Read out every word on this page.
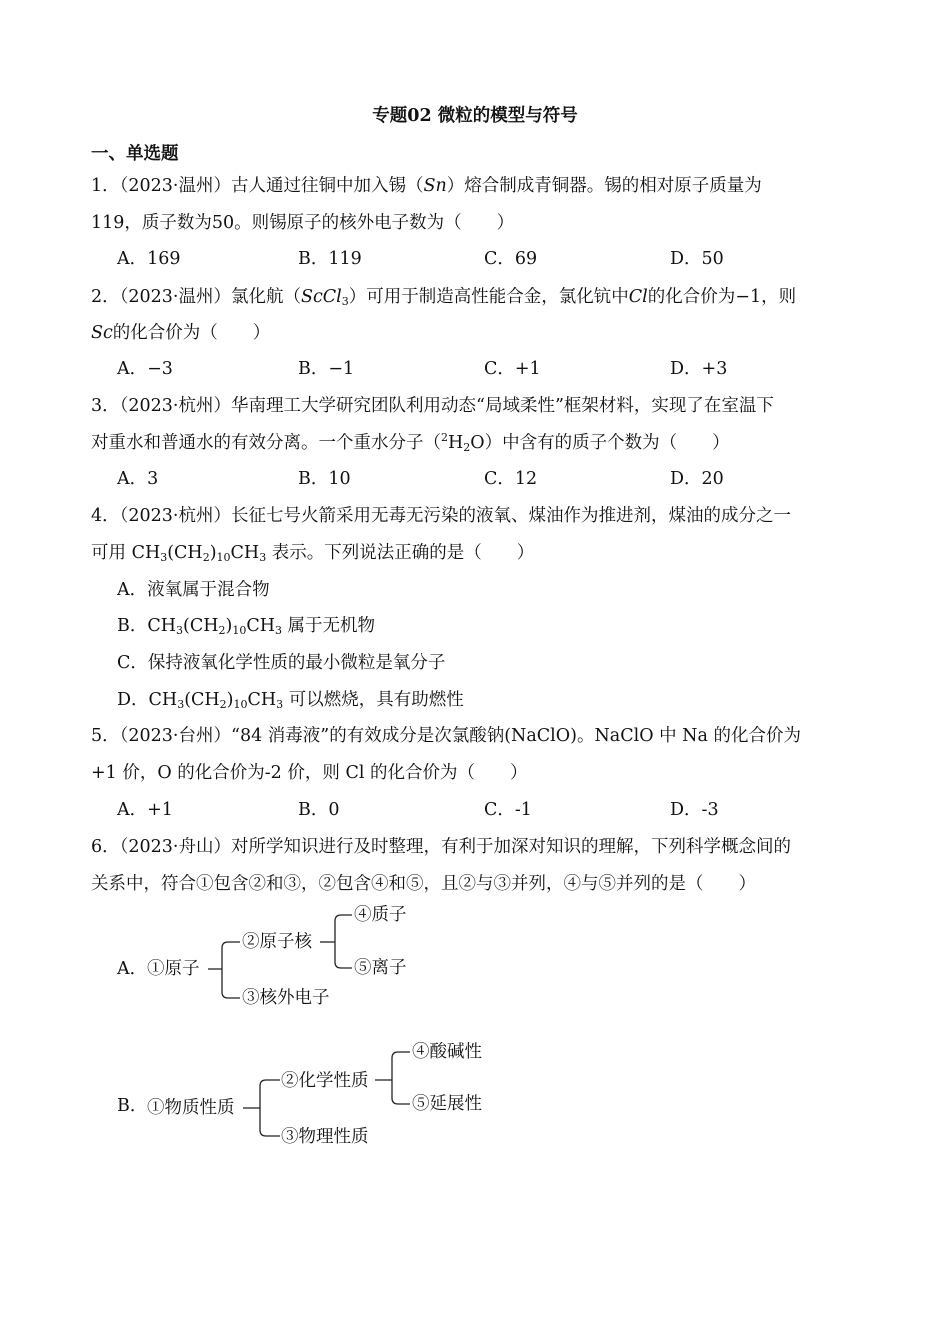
专题02 微粒的模型与符号
一、单选题
1．（2023·温州）古人通过往铜中加入锡（Sn）熔合制成青铜器。锡的相对原子质量为
119，质子数为50。则锡原子的核外电子数为（　　）
A．169	B．119	C．69	D．50
2．（2023·温州）氯化航（ScCl$_3$）可用于制造高性能合金，氯化钪中Cl的化合价为−1，则
Sc的化合价为（　　）
A．−3	B．−1	C．+1	D．+3
3．（2023·杭州）华南理工大学研究团队利用动态“局域柔性”框架材料，实现了在室温下
对重水和普通水的有效分离。一个重水分子$(^2H_2O)$中含有的质子个数为（　　）
A．3	B．10	C．12	D．20
4．（2023·杭州）长征七号火箭采用无毒无污染的液氧、煤油作为推进剂，煤油的成分之一
可用 $CH_3(CH_2)_{10}CH_3$ 表示。下列说法正确的是（　　）
A．液氧属于混合物
B．$CH_3(CH_2)_{10}CH_3$ 属于无机物
C．保持液氧化学性质的最小微粒是氧分子
D．$CH_3(CH_2)_{10}CH_3$ 可以燃烧，具有助燃性
5．（2023·台州）“84 消毒液”的有效成分是次氯酸钠(NaClO)。NaClO 中 Na 的化合价为
+1 价，O 的化合价为-2 价，则 Cl 的化合价为（　　）
A．+1	B．0	C．-1	D．-3
6．（2023·舟山）对所学知识进行及时整理，有利于加深对知识的理解，下列科学概念间的
关系中，符合①包含②和③，②包含④和⑤，且②与③并列，④与⑤并列的是（　　）
A． ①原子
②原子核
③核外电子
④质子
⑤离子
B． ①物质性质
②化学性质
③物理性质
④酸碱性
⑤延展性
